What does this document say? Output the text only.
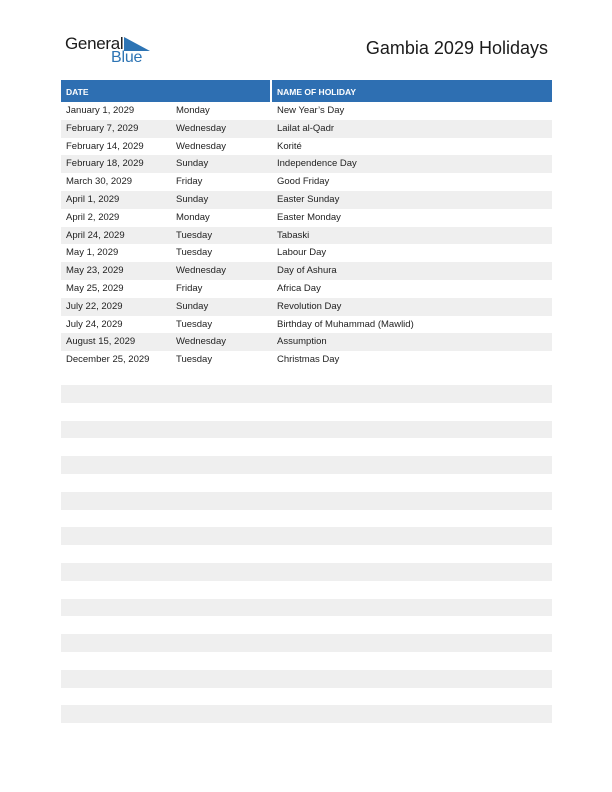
General
Blue	Gambia 2029 Holidays
DATE	NAME OF HOLIDAY
January 1, 2029	Monday	New Year’s Day
February 7, 2029	Wednesday	Lailat al-Qadr
February 14, 2029	Wednesday	Korité
February 18, 2029	Sunday	Independence Day
March 30, 2029	Friday	Good Friday
April 1, 2029	Sunday	Easter Sunday
April 2, 2029	Monday	Easter Monday
April 24, 2029	Tuesday	Tabaski
May 1, 2029	Tuesday	Labour Day
May 23, 2029	Wednesday	Day of Ashura
May 25, 2029	Friday	Africa Day
July 22, 2029	Sunday	Revolution Day
July 24, 2029	Tuesday	Birthday of Muhammad (Mawlid)
August 15, 2029	Wednesday	Assumption
December 25, 2029	Tuesday	Christmas Day
